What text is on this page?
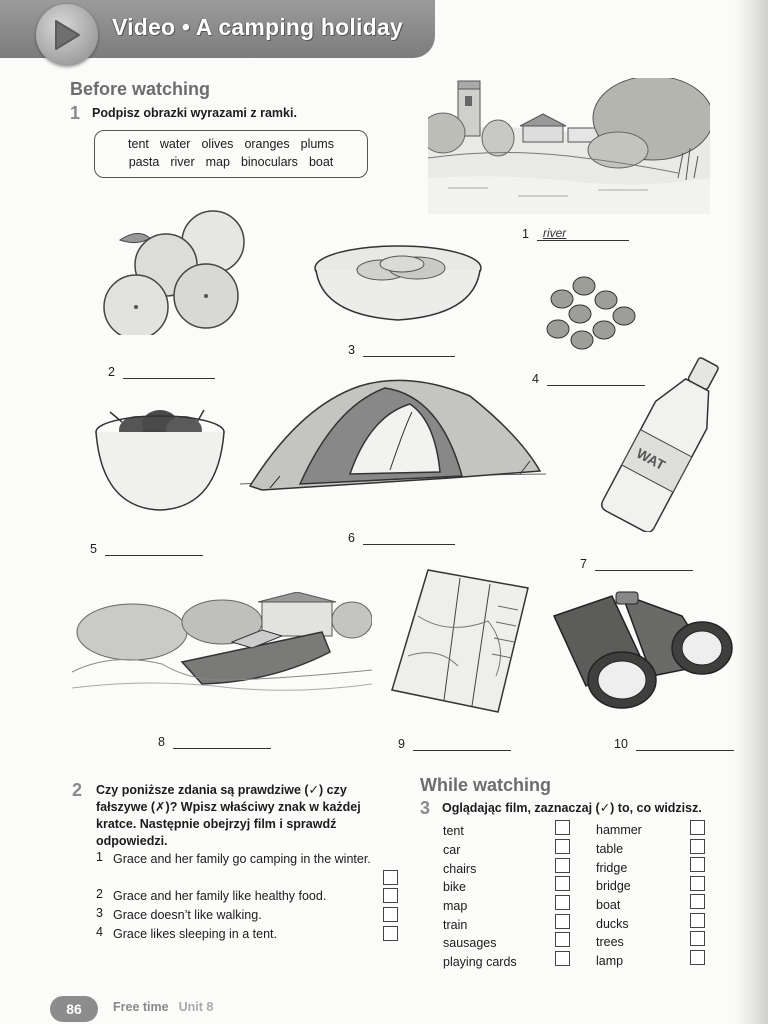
Video • A camping holiday
Before watching
1 Podpisz obrazki wyrazami z ramki.
tent water olives oranges plums
pasta river map binoculars boat
1	river
2
3
4
5
6
WAT
7
8	9	10
2 Czy poniższe zdania są prawdziwe (✓) czy fałszywe (✗)? Wpisz właściwy znak w każdej kratce. Następnie obejrzyj film i sprawdź odpowiedzi.
1 Grace and her family go camping in the winter.
2 Grace and her family like healthy food.
3 Grace doesn’t like walking.
4 Grace likes sleeping in a tent.
While watching
3 Oglądając film, zaznaczaj (✓) to, co widzisz.
tent
car
chairs
bike
map
train
sausages
playing cards
hammer
table
fridge
bridge
boat
ducks
trees
lamp
86	Free time Unit 8
